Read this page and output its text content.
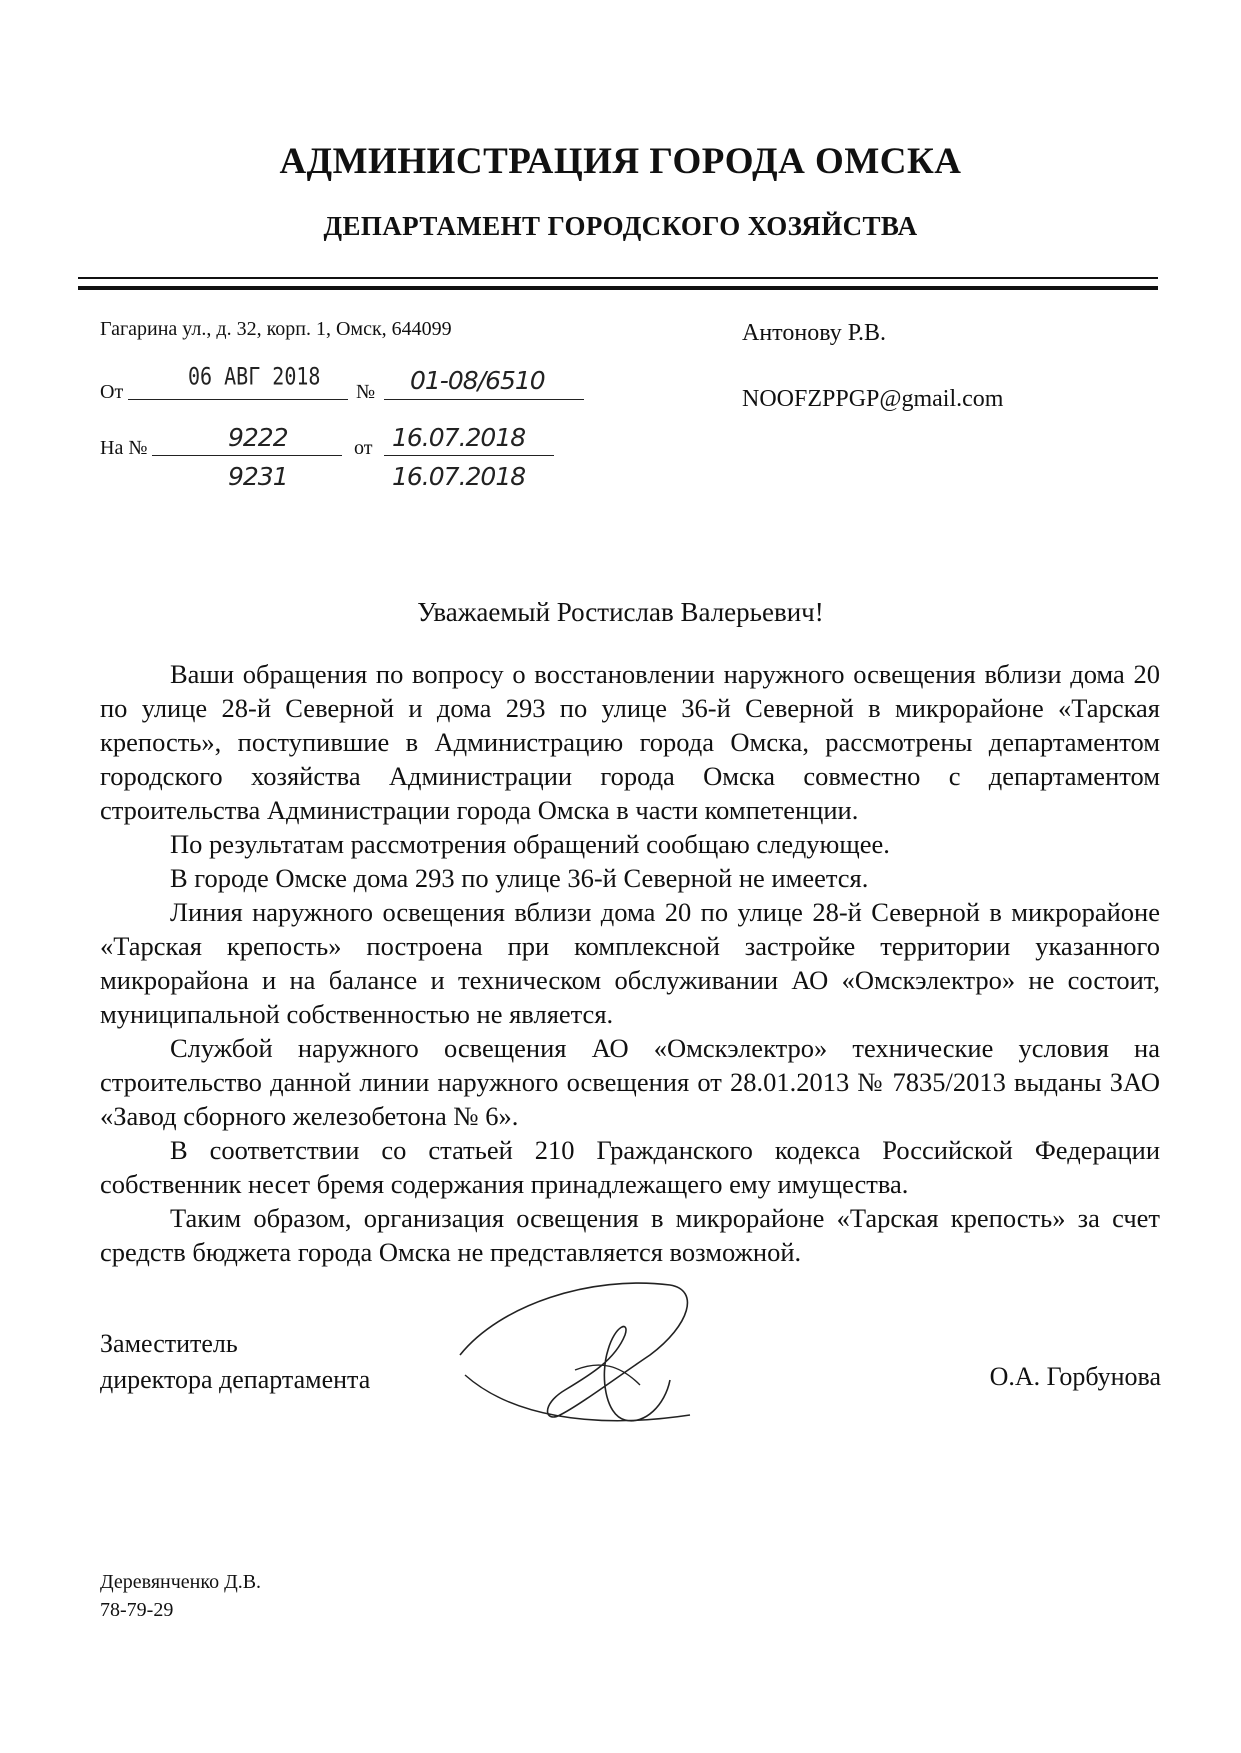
АДМИНИСТРАЦИЯ ГОРОДА ОМСКА
ДЕПАРТАМЕНТ ГОРОДСКОГО ХОЗЯЙСТВА
Гагарина ул., д. 32, корп. 1, Омск, 644099
От
06 АВГ 2018
№ 01-08/6510
На №	9222
9231
от 16.07.2018
16.07.2018
Антонову Р.В.
NOOFZPPGP@gmail.com
Уважаемый Ростислав Валерьевич!

Ваши обращения по вопросу о восстановлении наружного освещения вблизи дома 20 по улице 28-й Северной и дома 293 по улице 36-й Северной в микрорайоне «Тарская крепость», поступившие в Администрацию города Омска, рассмотрены департаментом городского хозяйства Администрации города Омска совместно с департаментом строительства Администрации города Омска в части компетенции.

По результатам рассмотрения обращений сообщаю следующее.

В городе Омске дома 293 по улице 36-й Северной не имеется.

Линия наружного освещения вблизи дома 20 по улице 28-й Северной в микрорайоне «Тарская крепость» построена при комплексной застройке территории указанного микрорайона и на балансе и техническом обслуживании АО «Омскэлектро» не состоит, муниципальной собственностью не является.

Службой наружного освещения АО «Омскэлектро» технические условия на строительство данной линии наружного освещения от 28.01.2013 № 7835/2013 выданы ЗАО «Завод сборного железобетона № 6».

В соответствии со статьей 210 Гражданского кодекса Российской Федерации собственник несет бремя содержания принадлежащего ему имущества.

Таким образом, организация освещения в микрорайоне «Тарская крепость» за счет средств бюджета города Омска не представляется возможной.

Заместитель
директора департамента	О.А. Горбунова
Деревянченко Д.В.
78-79-29
